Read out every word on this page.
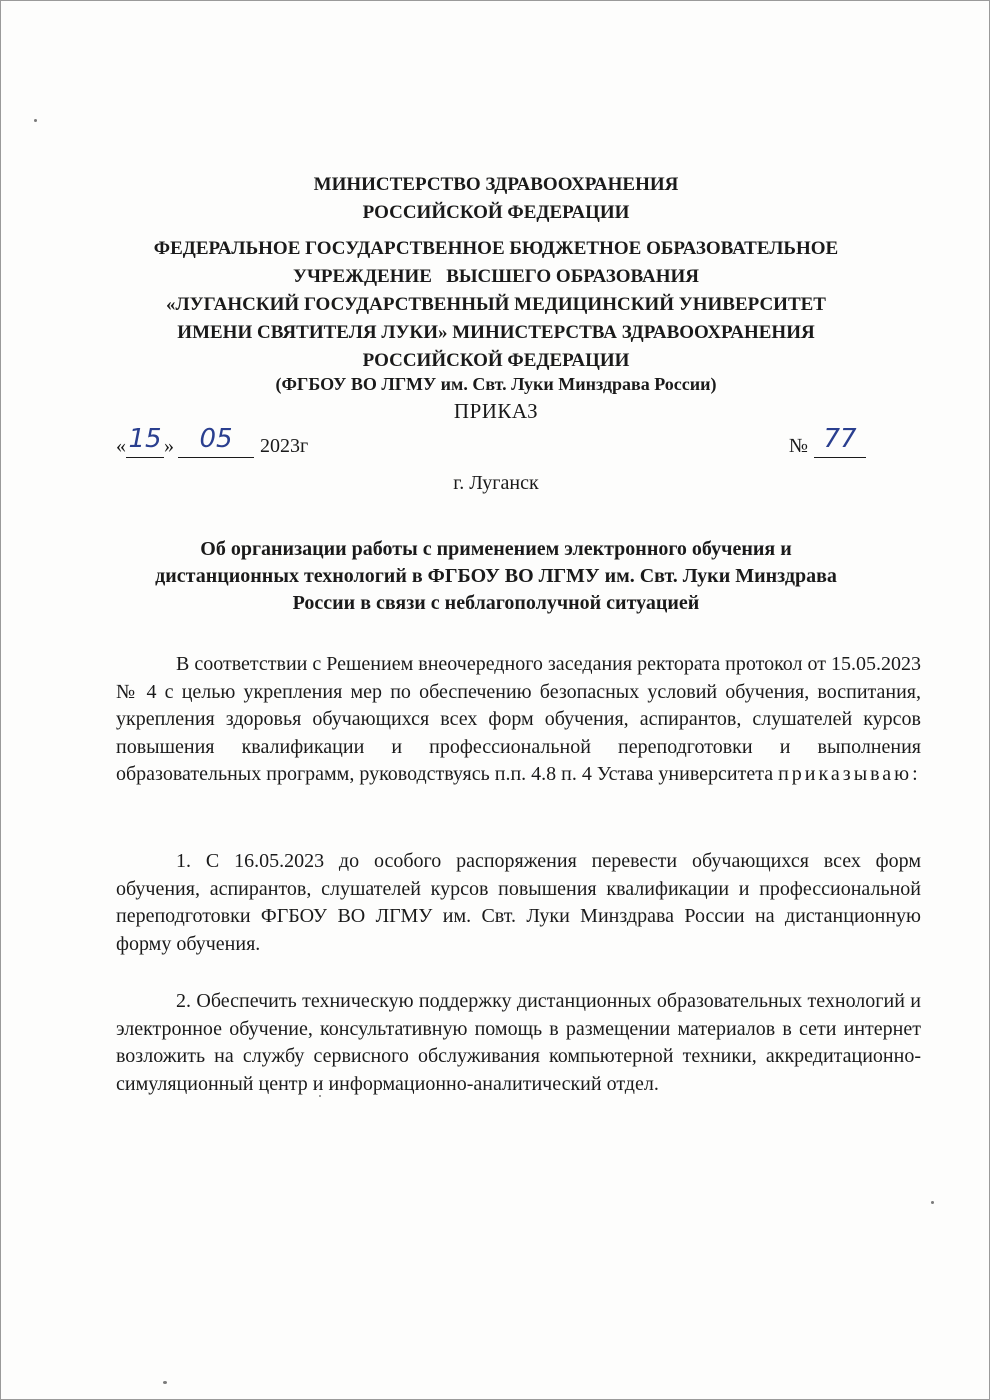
МИНИСТЕРСТВО ЗДРАВООХРАНЕНИЯ
РОССИЙСКОЙ ФЕДЕРАЦИИ
ФЕДЕРАЛЬНОЕ ГОСУДАРСТВЕННОЕ БЮДЖЕТНОЕ ОБРАЗОВАТЕЛЬНОЕ
УЧРЕЖДЕНИЕ   ВЫСШЕГО ОБРАЗОВАНИЯ
«ЛУГАНСКИЙ ГОСУДАРСТВЕННЫЙ МЕДИЦИНСКИЙ УНИВЕРСИТЕТ
ИМЕНИ СВЯТИТЕЛЯ ЛУКИ» МИНИСТЕРСТВА ЗДРАВООХРАНЕНИЯ
РОССИЙСКОЙ ФЕДЕРАЦИИ
(ФГБОУ ВО ЛГМУ им. Свт. Луки Минздрава России)
ПРИКАЗ
«15 » 05 2023г	№ 77
г. Луганск
Об организации работы с применением электронного обучения и
дистанционных технологий в ФГБОУ ВО ЛГМУ им. Свт. Луки Минздрава
России в связи с неблагополучной ситуацией

В соответствии с Решением внеочередного заседания ректората протокол от 15.05.2023 № 4 с целью укрепления мер по обеспечению безопасных условий обучения, воспитания, укрепления здоровья обучающихся всех форм обучения, аспирантов, слушателей курсов повышения квалификации и профессиональной переподготовки и выполнения образовательных программ, руководствуясь п.п. 4.8 п. 4 Устава университета приказываю:

1. С 16.05.2023 до особого распоряжения перевести обучающихся всех форм обучения, аспирантов, слушателей курсов повышения квалификации и профессиональной переподготовки ФГБОУ ВО ЛГМУ им. Свт. Луки Минздрава России на дистанционную форму обучения.

2. Обеспечить техническую поддержку дистанционных образовательных технологий и электронное обучение, консультативную помощь в размещении материалов в сети интернет возложить на службу сервисного обслуживания компьютерной техники, аккредитационно-симуляционный центр и информационно-аналитический отдел.
